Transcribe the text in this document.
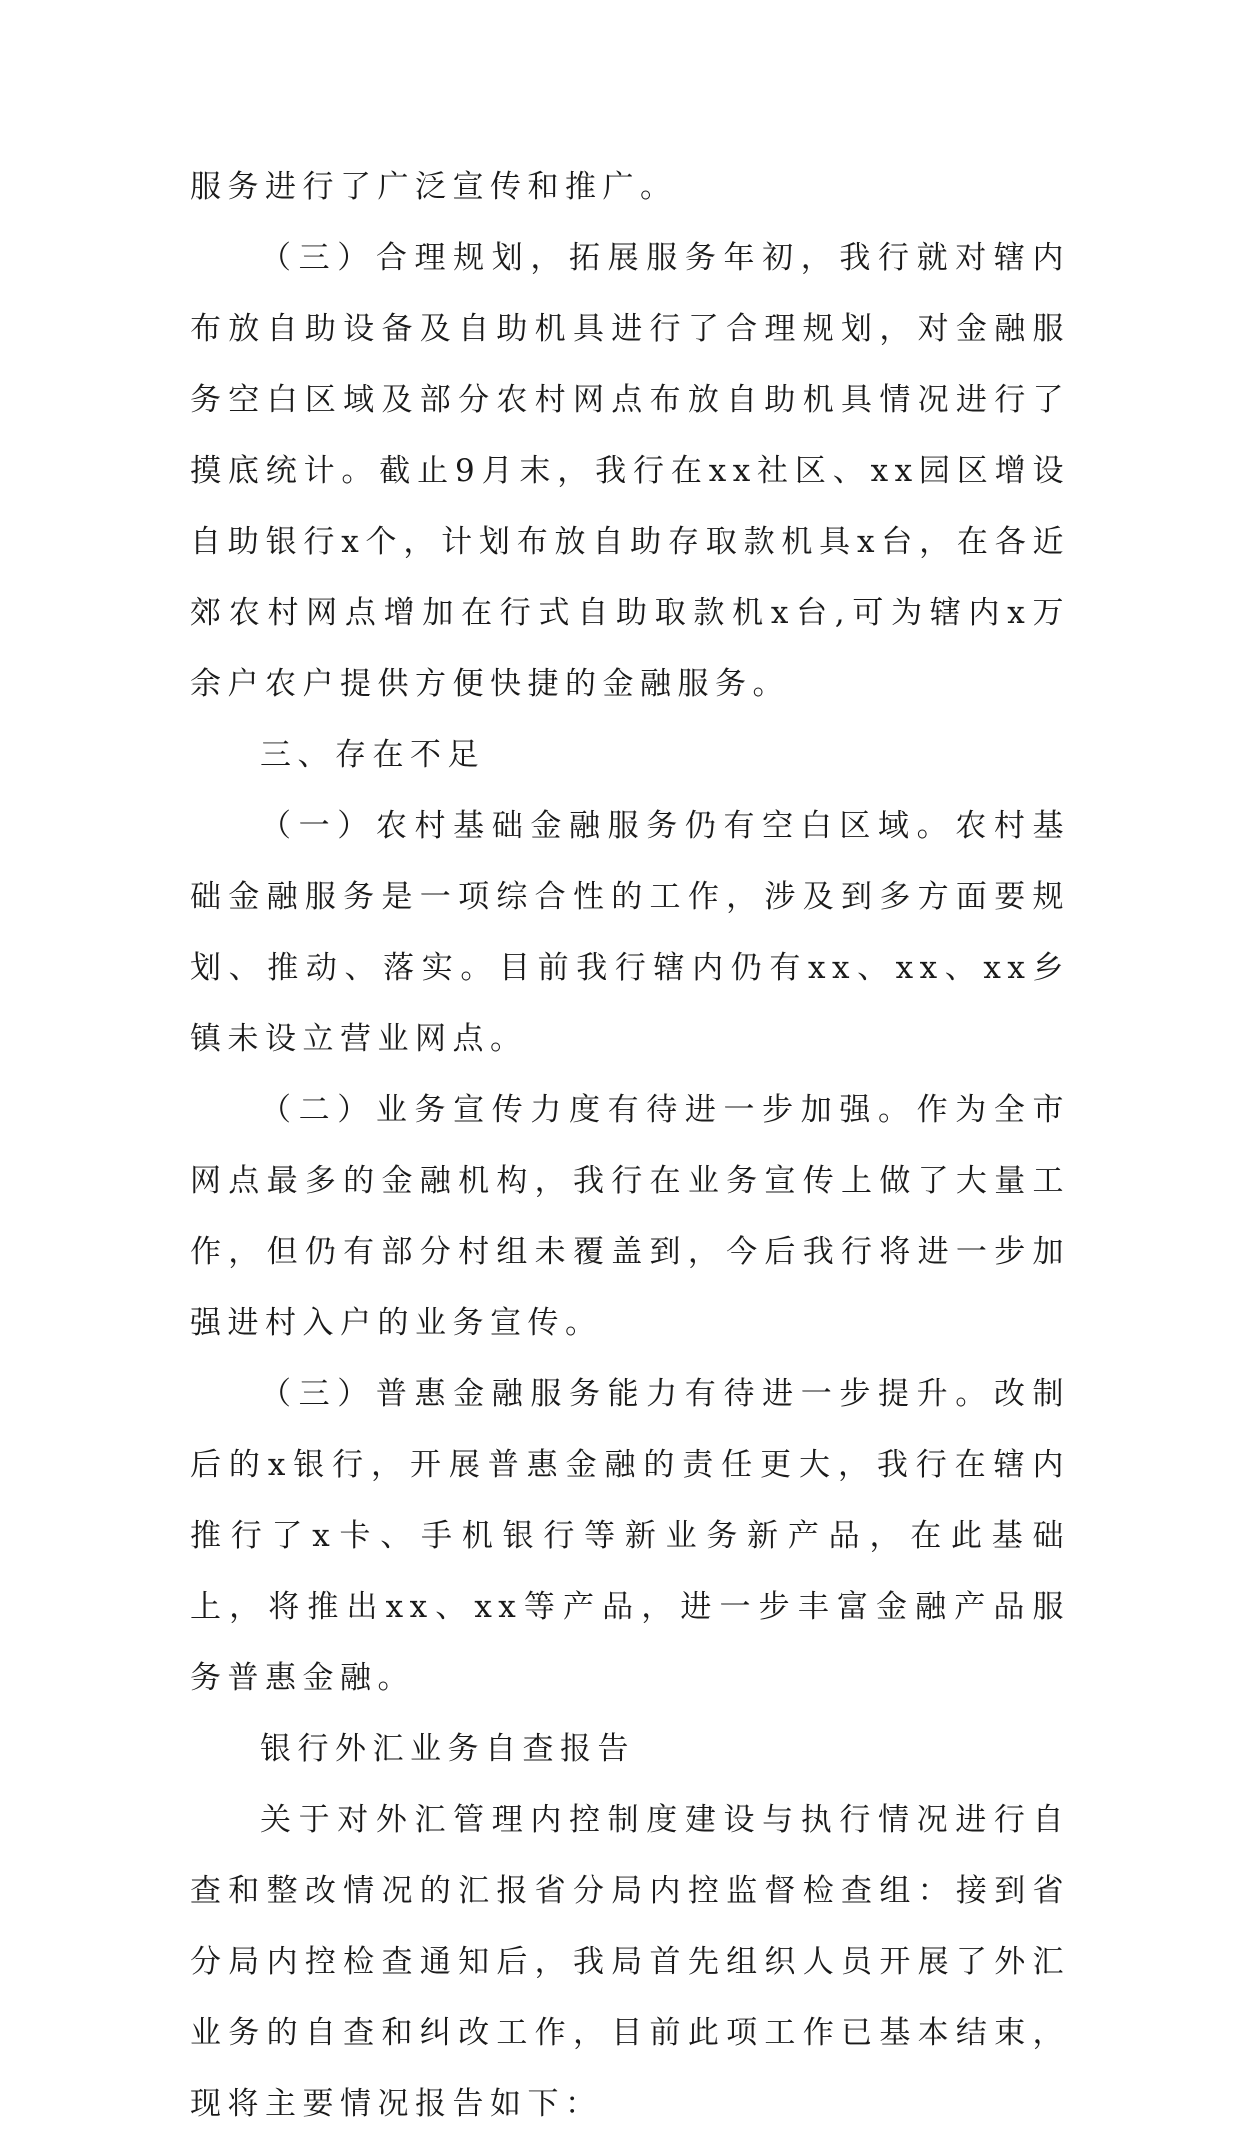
服务进行了广泛宣传和推广。

（三）合理规划，拓展服务年初，我行就对辖内布放自助设备及自助机具进行了合理规划，对金融服务空白区域及部分农村网点布放自助机具情况进行了摸底统计。截止9月末，我行在xx社区、xx园区增设自助银行x个，计划布放自助存取款机具x台，在各近郊农村网点增加在行式自助取款机x台,可为辖内x万余户农户提供方便快捷的金融服务。

三、存在不足

（一）农村基础金融服务仍有空白区域。农村基础金融服务是一项综合性的工作，涉及到多方面要规划、推动、落实。目前我行辖内仍有xx、xx、xx乡镇未设立营业网点。

（二）业务宣传力度有待进一步加强。作为全市网点最多的金融机构，我行在业务宣传上做了大量工作，但仍有部分村组未覆盖到，今后我行将进一步加强进村入户的业务宣传。

（三）普惠金融服务能力有待进一步提升。改制后的x银行，开展普惠金融的责任更大，我行在辖内推行了x卡、手机银行等新业务新产品，在此基础上，将推出xx、xx等产品，进一步丰富金融产品服务普惠金融。

银行外汇业务自查报告

关于对外汇管理内控制度建设与执行情况进行自查和整改情况的汇报省分局内控监督检查组：接到省分局内控检查通知后，我局首先组织人员开展了外汇业务的自查和纠改工作，目前此项工作已基本结束，现将主要情况报告如下：
